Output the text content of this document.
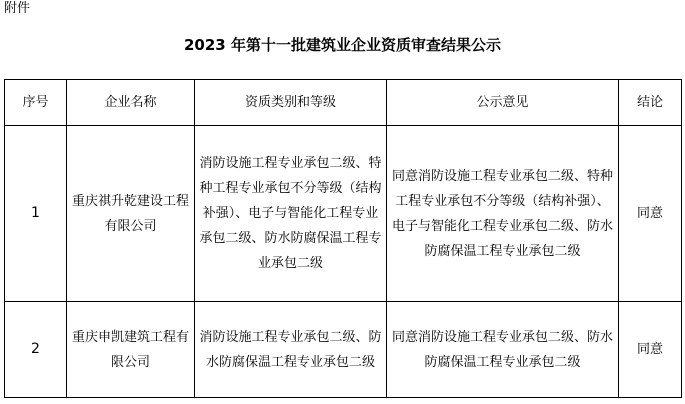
附件
2023 年第十一批建筑业企业资质审查结果公示
序号	企业名称	资质类别和等级	公示意见	结论
1	重庆祺升乾建设工程有限公司	消防设施工程专业承包二级、特种工程专业承包不分等级（结构补强）、电子与智能化工程专业承包二级、防水防腐保温工程专业承包二级	同意消防设施工程专业承包二级、特种工程专业承包不分等级（结构补强）、电子与智能化工程专业承包二级、防水防腐保温工程专业承包二级	同意
2	重庆申凯建筑工程有限公司	消防设施工程专业承包二级、防水防腐保温工程专业承包二级	同意消防设施工程专业承包二级、防水防腐保温工程专业承包二级	同意
